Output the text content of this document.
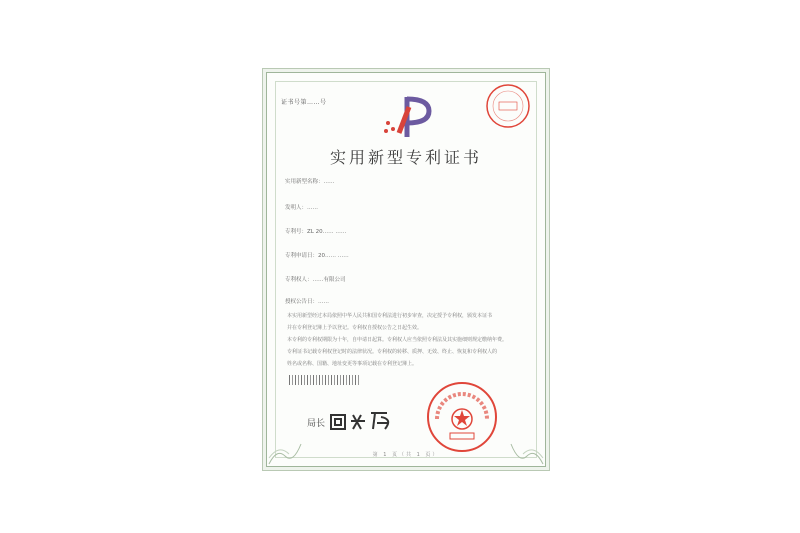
证书号第……号
实用新型专利证书
实用新型名称：……
发明人：……
专利号：ZL 20…… ……
专利申请日：20…… ……
专利权人：……有限公司
授权公告日：……

本实用新型经过本局依照中华人民共和国专利法进行初步审查，决定授予专利权，颁发本证书

并在专利登记簿上予以登记。专利权自授权公告之日起生效。

本专利的专利权期限为十年，自申请日起算。专利权人应当依照专利法及其实施细则规定缴纳年费。

专利证书记载专利权登记时的法律状况。专利权的转移、质押、无效、终止、恢复和专利权人的

姓名或名称、国籍、地址变更等事项记载在专利登记簿上。

局长
第 1 页（共 1 页）
